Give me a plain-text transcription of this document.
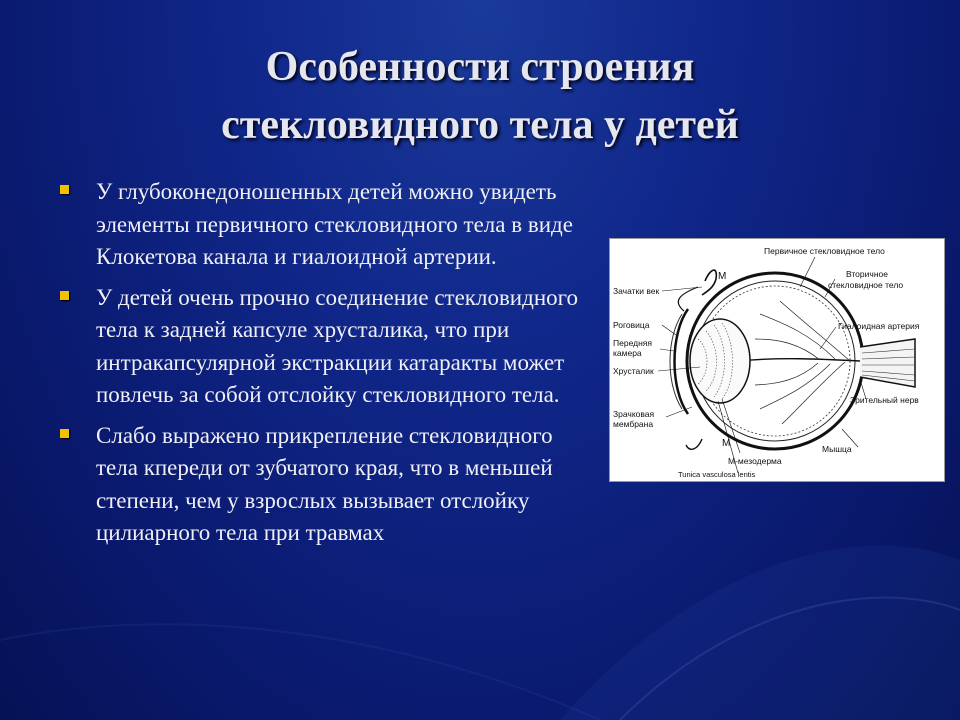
Особенности строения
стекловидного тела у детей
У глубоконедоношенных детей можно увидеть элементы первичного стекловидного тела в виде Клокетова канала и гиалоидной артерии.
У детей очень прочно соединение стекловидного тела к задней капсуле хрусталика, что при интракапсулярной экстракции катаракты может повлечь за собой отслойку стекловидного тела.
Слабо выражено прикрепление стекловидного тела кпереди от зубчатого края, что в меньшей степени, чем у взрослых вызывает отслойку цилиарного тела при травмах
Первичное стекловидное тело
Вторичное
стекловидное тело
Зачатки век
М
Роговица
Передняя
камера
Гиалоидная артерия
Хрусталик
Зрительный нерв
Зрачковая
мембрана
М	Мышца
М-мезодерма
Tunica vasculosa lentis
